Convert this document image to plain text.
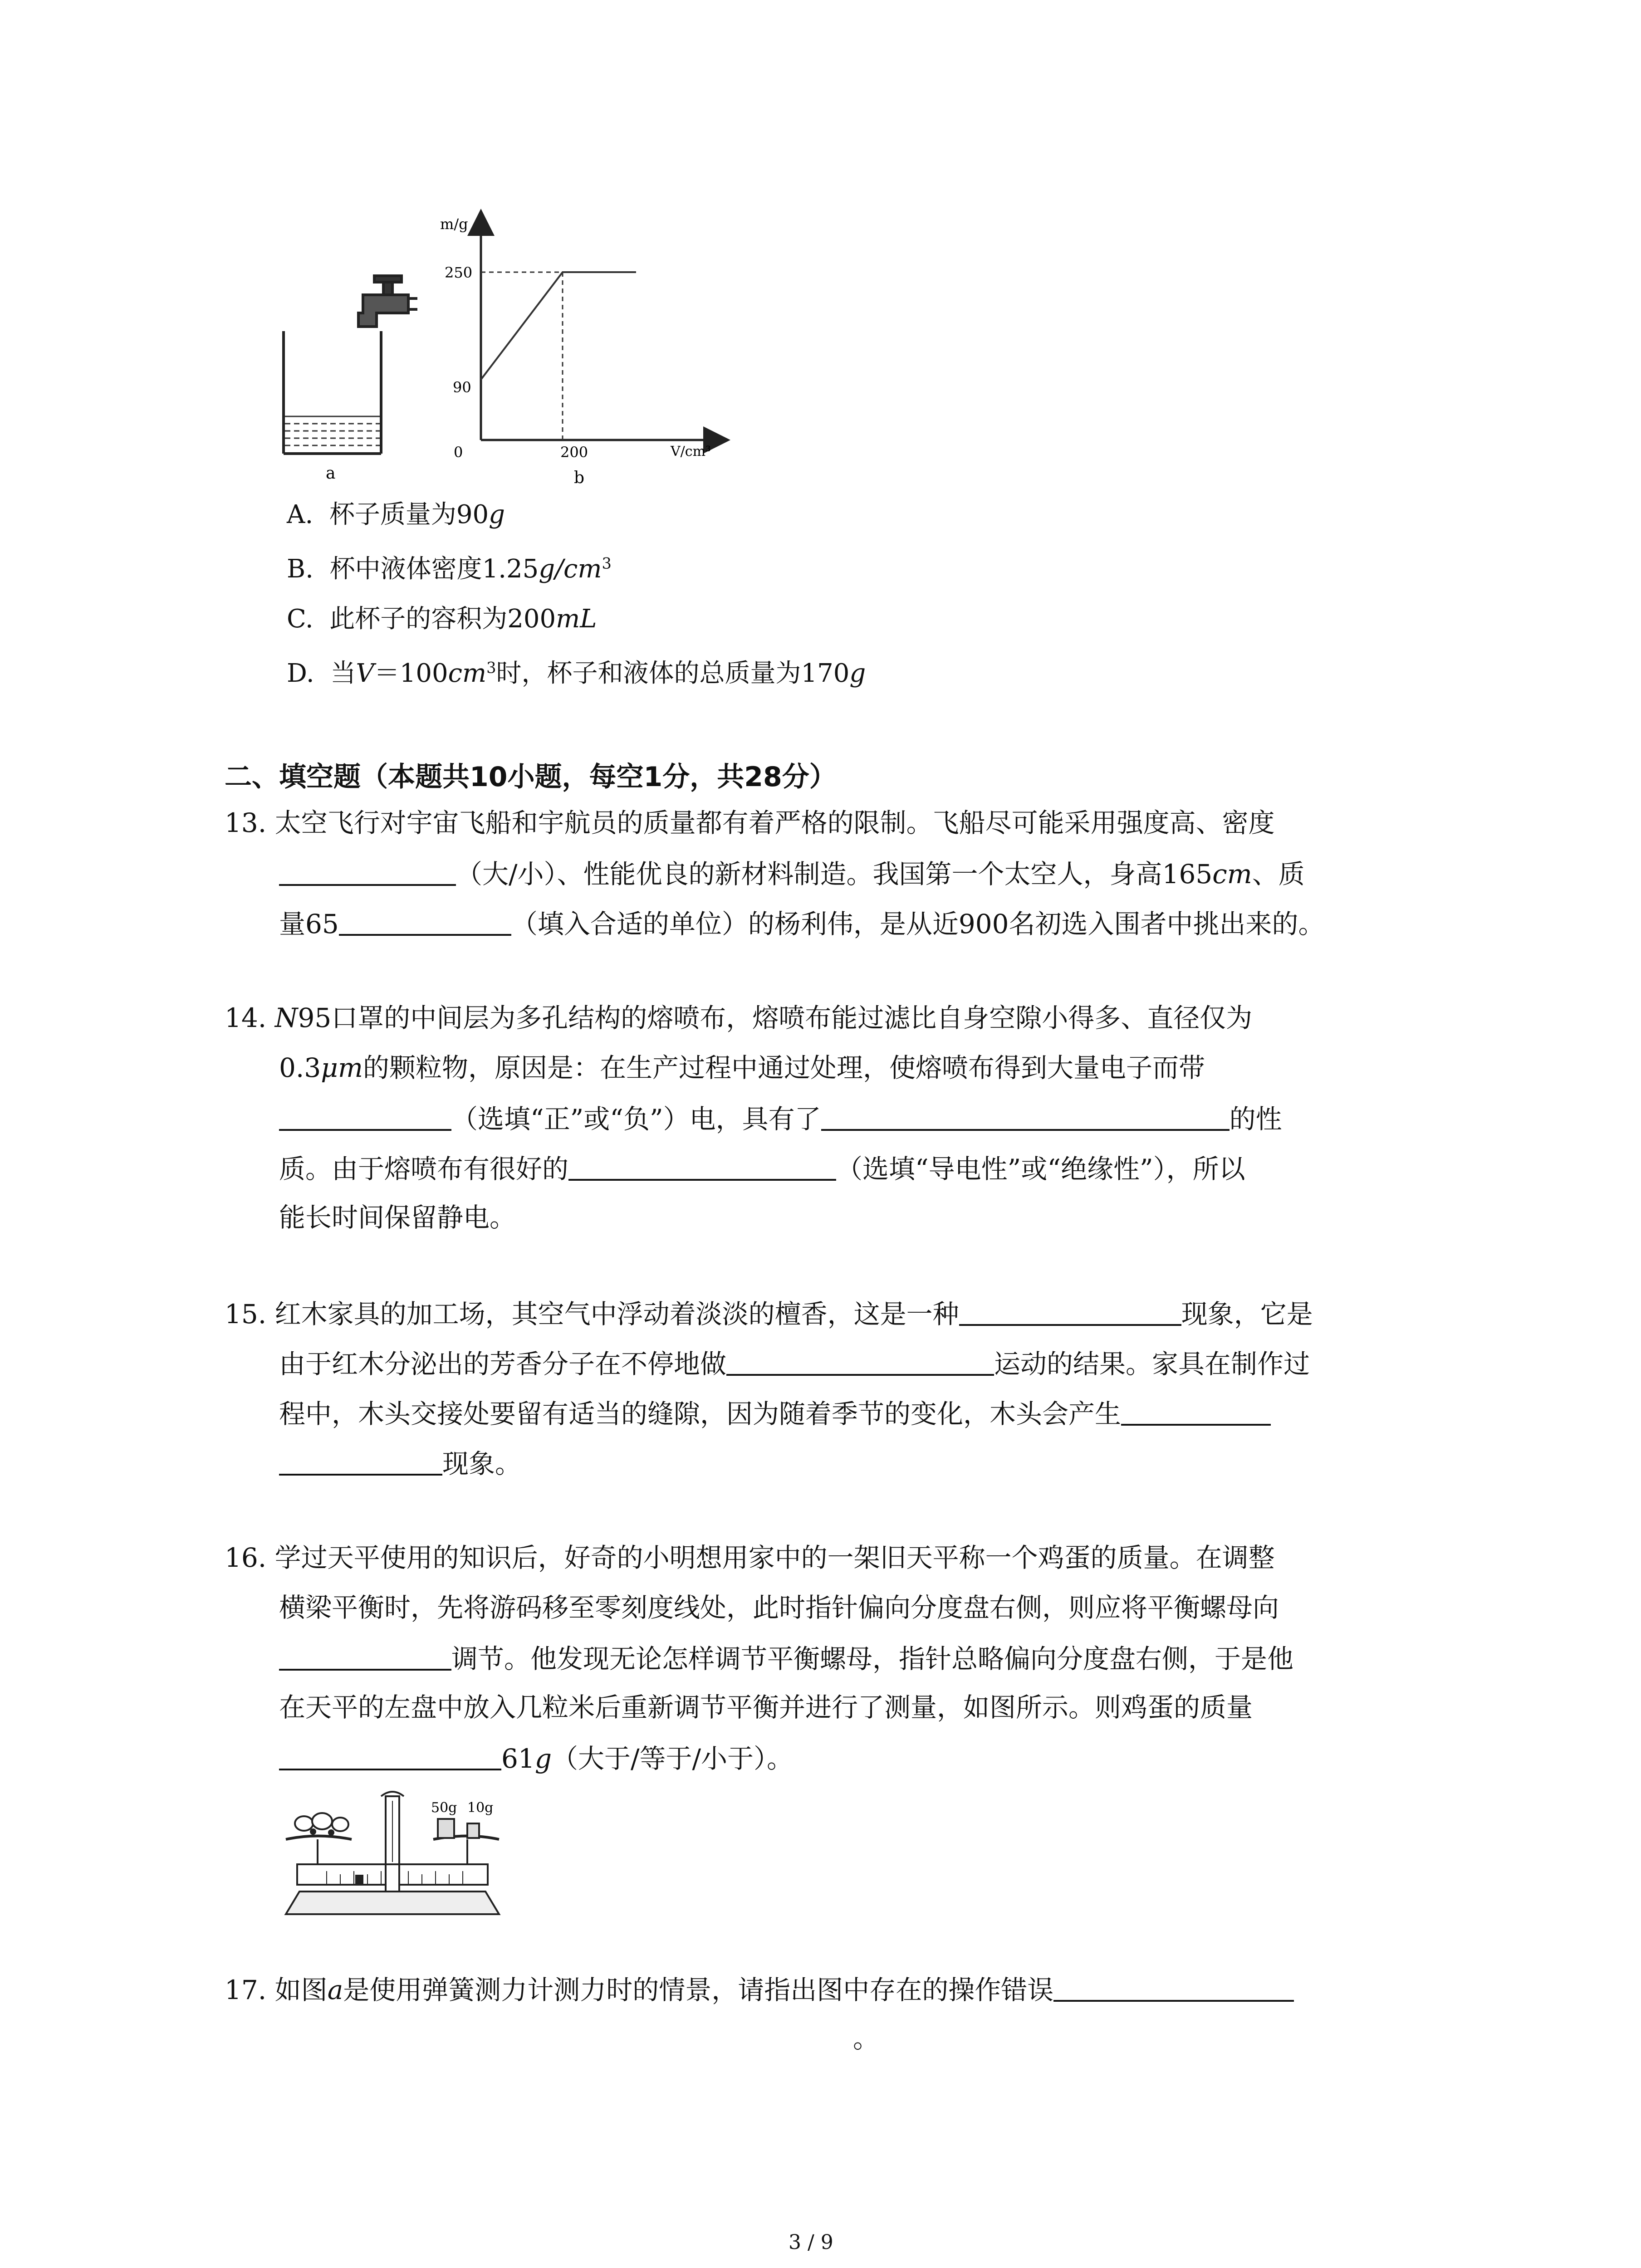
a
m/g
V/cm³
0
250
90
200
b
A. 杯子质量为90g
B. 杯中液体密度$1.25g/cm^3$
C. 此杯子的容积为200mL
D. 当$V=100cm^3$时，杯子和液体的总质量为170g
二、填空题（本题共10小题，每空1分，共28分）
13. 太空飞行对宇宙飞船和宇航员的质量都有着严格的限制。飞船尽可能采用强度高、密度
（大/小）、性能优良的新材料制造。我国第一个太空人，身高165cm、质
量65	（填入合适的单位）的杨利伟，是从近900名初选入围者中挑出来的。
14. N95口罩的中间层为多孔结构的熔喷布，熔喷布能过滤比自身空隙小得多、直径仅为
0.3μm的颗粒物，原因是：在生产过程中通过处理，使熔喷布得到大量电子而带
（选填“正”或“负”）电，具有了	的性
质。由于熔喷布有很好的	（选填“导电性”或“绝缘性”），所以
能长时间保留静电。
15. 红木家具的加工场，其空气中浮动着淡淡的檀香，这是一种	现象，它是
由于红木分泌出的芳香分子在不停地做	运动的结果。家具在制作过
程中，木头交接处要留有适当的缝隙，因为随着季节的变化，木头会产生
现象。
16. 学过天平使用的知识后，好奇的小明想用家中的一架旧天平称一个鸡蛋的质量。在调整
横梁平衡时，先将游码移至零刻度线处，此时指针偏向分度盘右侧，则应将平衡螺母向
调节。他发现无论怎样调节平衡螺母，指针总略偏向分度盘右侧，于是他
在天平的左盘中放入几粒米后重新调节平衡并进行了测量，如图所示。则鸡蛋的质量
61g（大于/等于/小于）。
50g 10g
17. 如图a是使用弹簧测力计测力时的情景，请指出图中存在的操作错误
。
3 / 9
